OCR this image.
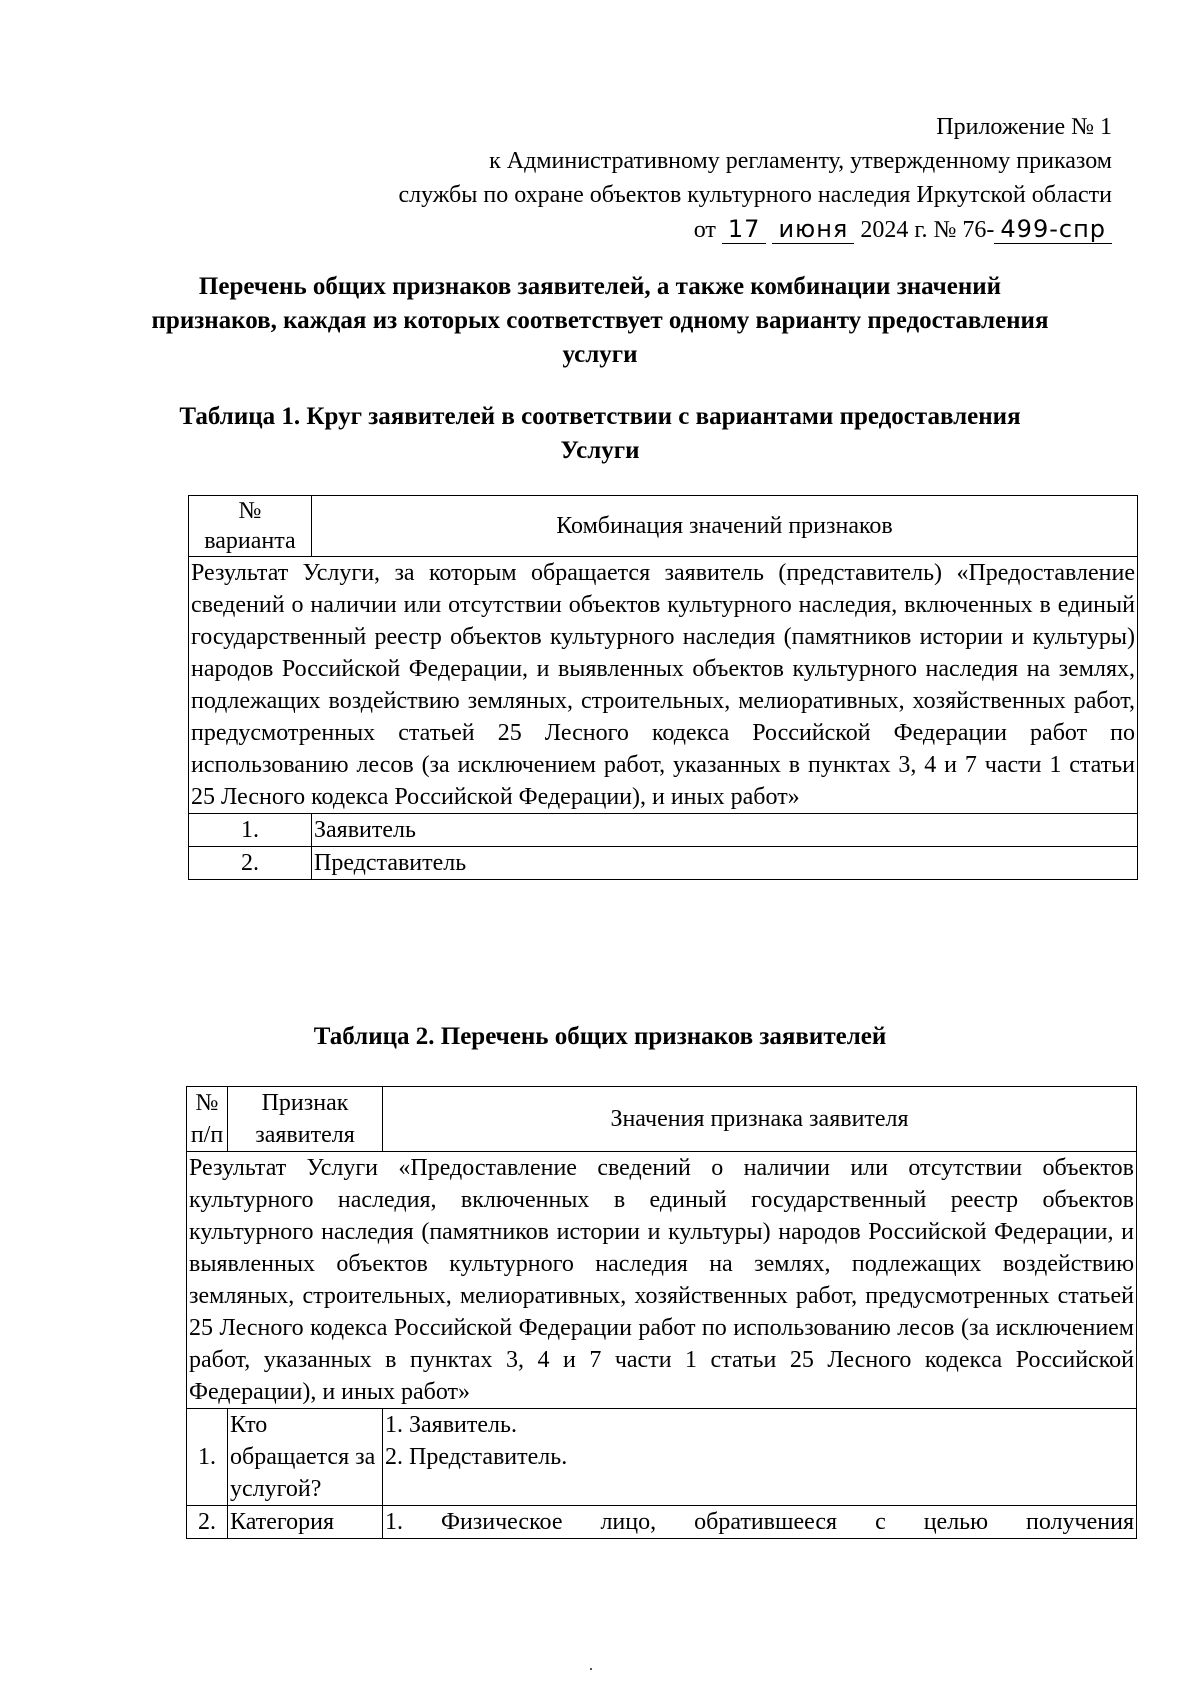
Приложение № 1
к Административному регламенту, утвержденному приказом
службы по охране объектов культурного наследия Иркутской области
от 17 июня 2024 г. № 76- 499-спр
Перечень общих признаков заявителей, а также комбинации значений признаков, каждая из которых соответствует одному варианту предоставления услуги
Таблица 1. Круг заявителей в соответствии с вариантами предоставления Услуги
№ варианта	Комбинация значений признаков
Результат Услуги, за которым обращается заявитель (представитель) «Предоставление сведений о наличии или отсутствии объектов культурного наследия, включенных в единый государственный реестр объектов культурного наследия (памятников истории и культуры) народов Российской Федерации, и выявленных объектов культурного наследия на землях, подлежащих воздействию земляных, строительных, мелиоративных, хозяйственных работ, предусмотренных статьей 25 Лесного кодекса Российской Федерации работ по использованию лесов (за исключением работ, указанных в пунктах 3, 4 и 7 части 1 статьи 25 Лесного кодекса Российской Федерации), и иных работ»	
1.	Заявитель
2.	Представитель
Таблица 2. Перечень общих признаков заявителей
№ п/п	Признак заявителя	Значения признака заявителя
Результат Услуги «Предоставление сведений о наличии или отсутствии объектов культурного наследия, включенных в единый государственный реестр объектов культурного наследия (памятников истории и культуры) народов Российской Федерации, и выявленных объектов культурного наследия на землях, подлежащих воздействию земляных, строительных, мелиоративных, хозяйственных работ, предусмотренных статьей 25 Лесного кодекса Российской Федерации работ по использованию лесов (за исключением работ, указанных в пунктах 3, 4 и 7 части 1 статьи 25 Лесного кодекса Российской Федерации), и иных работ»		
1.	Кто обращается за услугой?	1. Заявитель.
2. Представитель.

2.	Категория	1. Физическое лицо, обратившееся с целью получения
